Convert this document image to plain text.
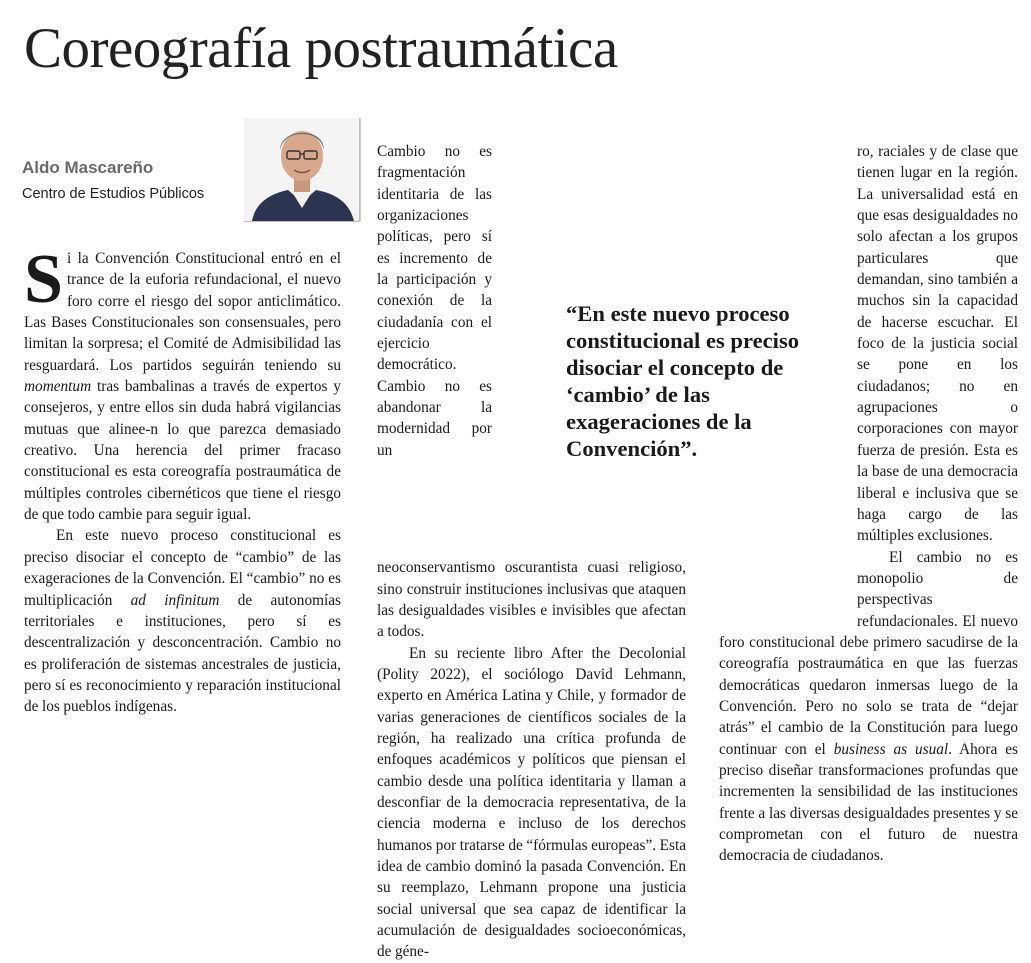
Coreografía postraumática
Aldo Mascareño
Centro de Estudios Públicos

Si la Convención Constitucional entró en el trance de la euforia refundacional, el nuevo foro corre el riesgo del sopor anticlimático. Las Bases Constitucionales son consensuales, pero limitan la sorpresa; el Comité de Admisibilidad las resguardará. Los partidos seguirán teniendo su momentum tras bambalinas a través de expertos y consejeros, y entre ellos sin duda habrá vigilancias mutuas que alinee-n lo que parezca demasiado creativo. Una herencia del primer fracaso constitucional es esta coreografía postraumática de múltiples controles cibernéticos que tiene el riesgo de que todo cambie para seguir igual.

En este nuevo proceso constitucional es preciso disociar el concepto de “cambio” de las exageraciones de la Convención. El “cambio” no es multiplicación ad infinitum de autonomías territoriales e instituciones, pero sí es descentralización y desconcentración. Cambio no es proliferación de sistemas ancestrales de justicia, pero sí es reconocimiento y reparación institucional de los pueblos indígenas.

Cambio no es fragmentación identitaria de las organizaciones políticas, pero sí es incremento de la participación y conexión de la ciudadanía con el ejercicio democrático. Cambio no es abandonar la modernidad por un neoconservantismo oscurantista cuasi religioso, sino construir instituciones inclusivas que ataquen las desigualdades visibles e invisibles que afectan a todos.

En su reciente libro After the Decolonial (Polity 2022), el sociólogo David Lehmann, experto en América Latina y Chile, y formador de varias generaciones de científicos sociales de la región, ha realizado una crítica profunda de enfoques académicos y políticos que piensan el cambio desde una política identitaria y llaman a desconfiar de la democracia representativa, de la ciencia moderna e incluso de los derechos humanos por tratarse de “fórmulas europeas”. Esta idea de cambio dominó la pasada Convención. En su reemplazo, Lehmann propone una justicia social universal que sea capaz de identificar la acumulación de desigualdades socioeconómicas, de géne-

ro, raciales y de clase que tienen lugar en la región. La universalidad está en que esas desigualdades no solo afectan a los grupos particulares que demandan, sino también a muchos sin la capacidad de hacerse escuchar. El foco de la justicia social se pone en los ciudadanos; no en agrupaciones o corporaciones con mayor fuerza de presión. Esta es la base de una democracia liberal e inclusiva que se haga cargo de las múltiples exclusiones.

El cambio no es monopolio de perspectivas refundacionales. El nuevo foro constitucional debe primero sacudirse de la coreografía postraumática en que las fuerzas democráticas quedaron inmersas luego de la Convención. Pero no solo se trata de “dejar atrás” el cambio de la Constitución para luego continuar con el business as usual. Ahora es preciso diseñar transformaciones profundas que incrementen la sensibilidad de las instituciones frente a las diversas desigualdades presentes y se comprometan con el futuro de nuestra democracia de ciudadanos.

“En este nuevo proceso constitucional es preciso disociar el concepto de ‘cambio’ de las exageraciones de la Convención”.
